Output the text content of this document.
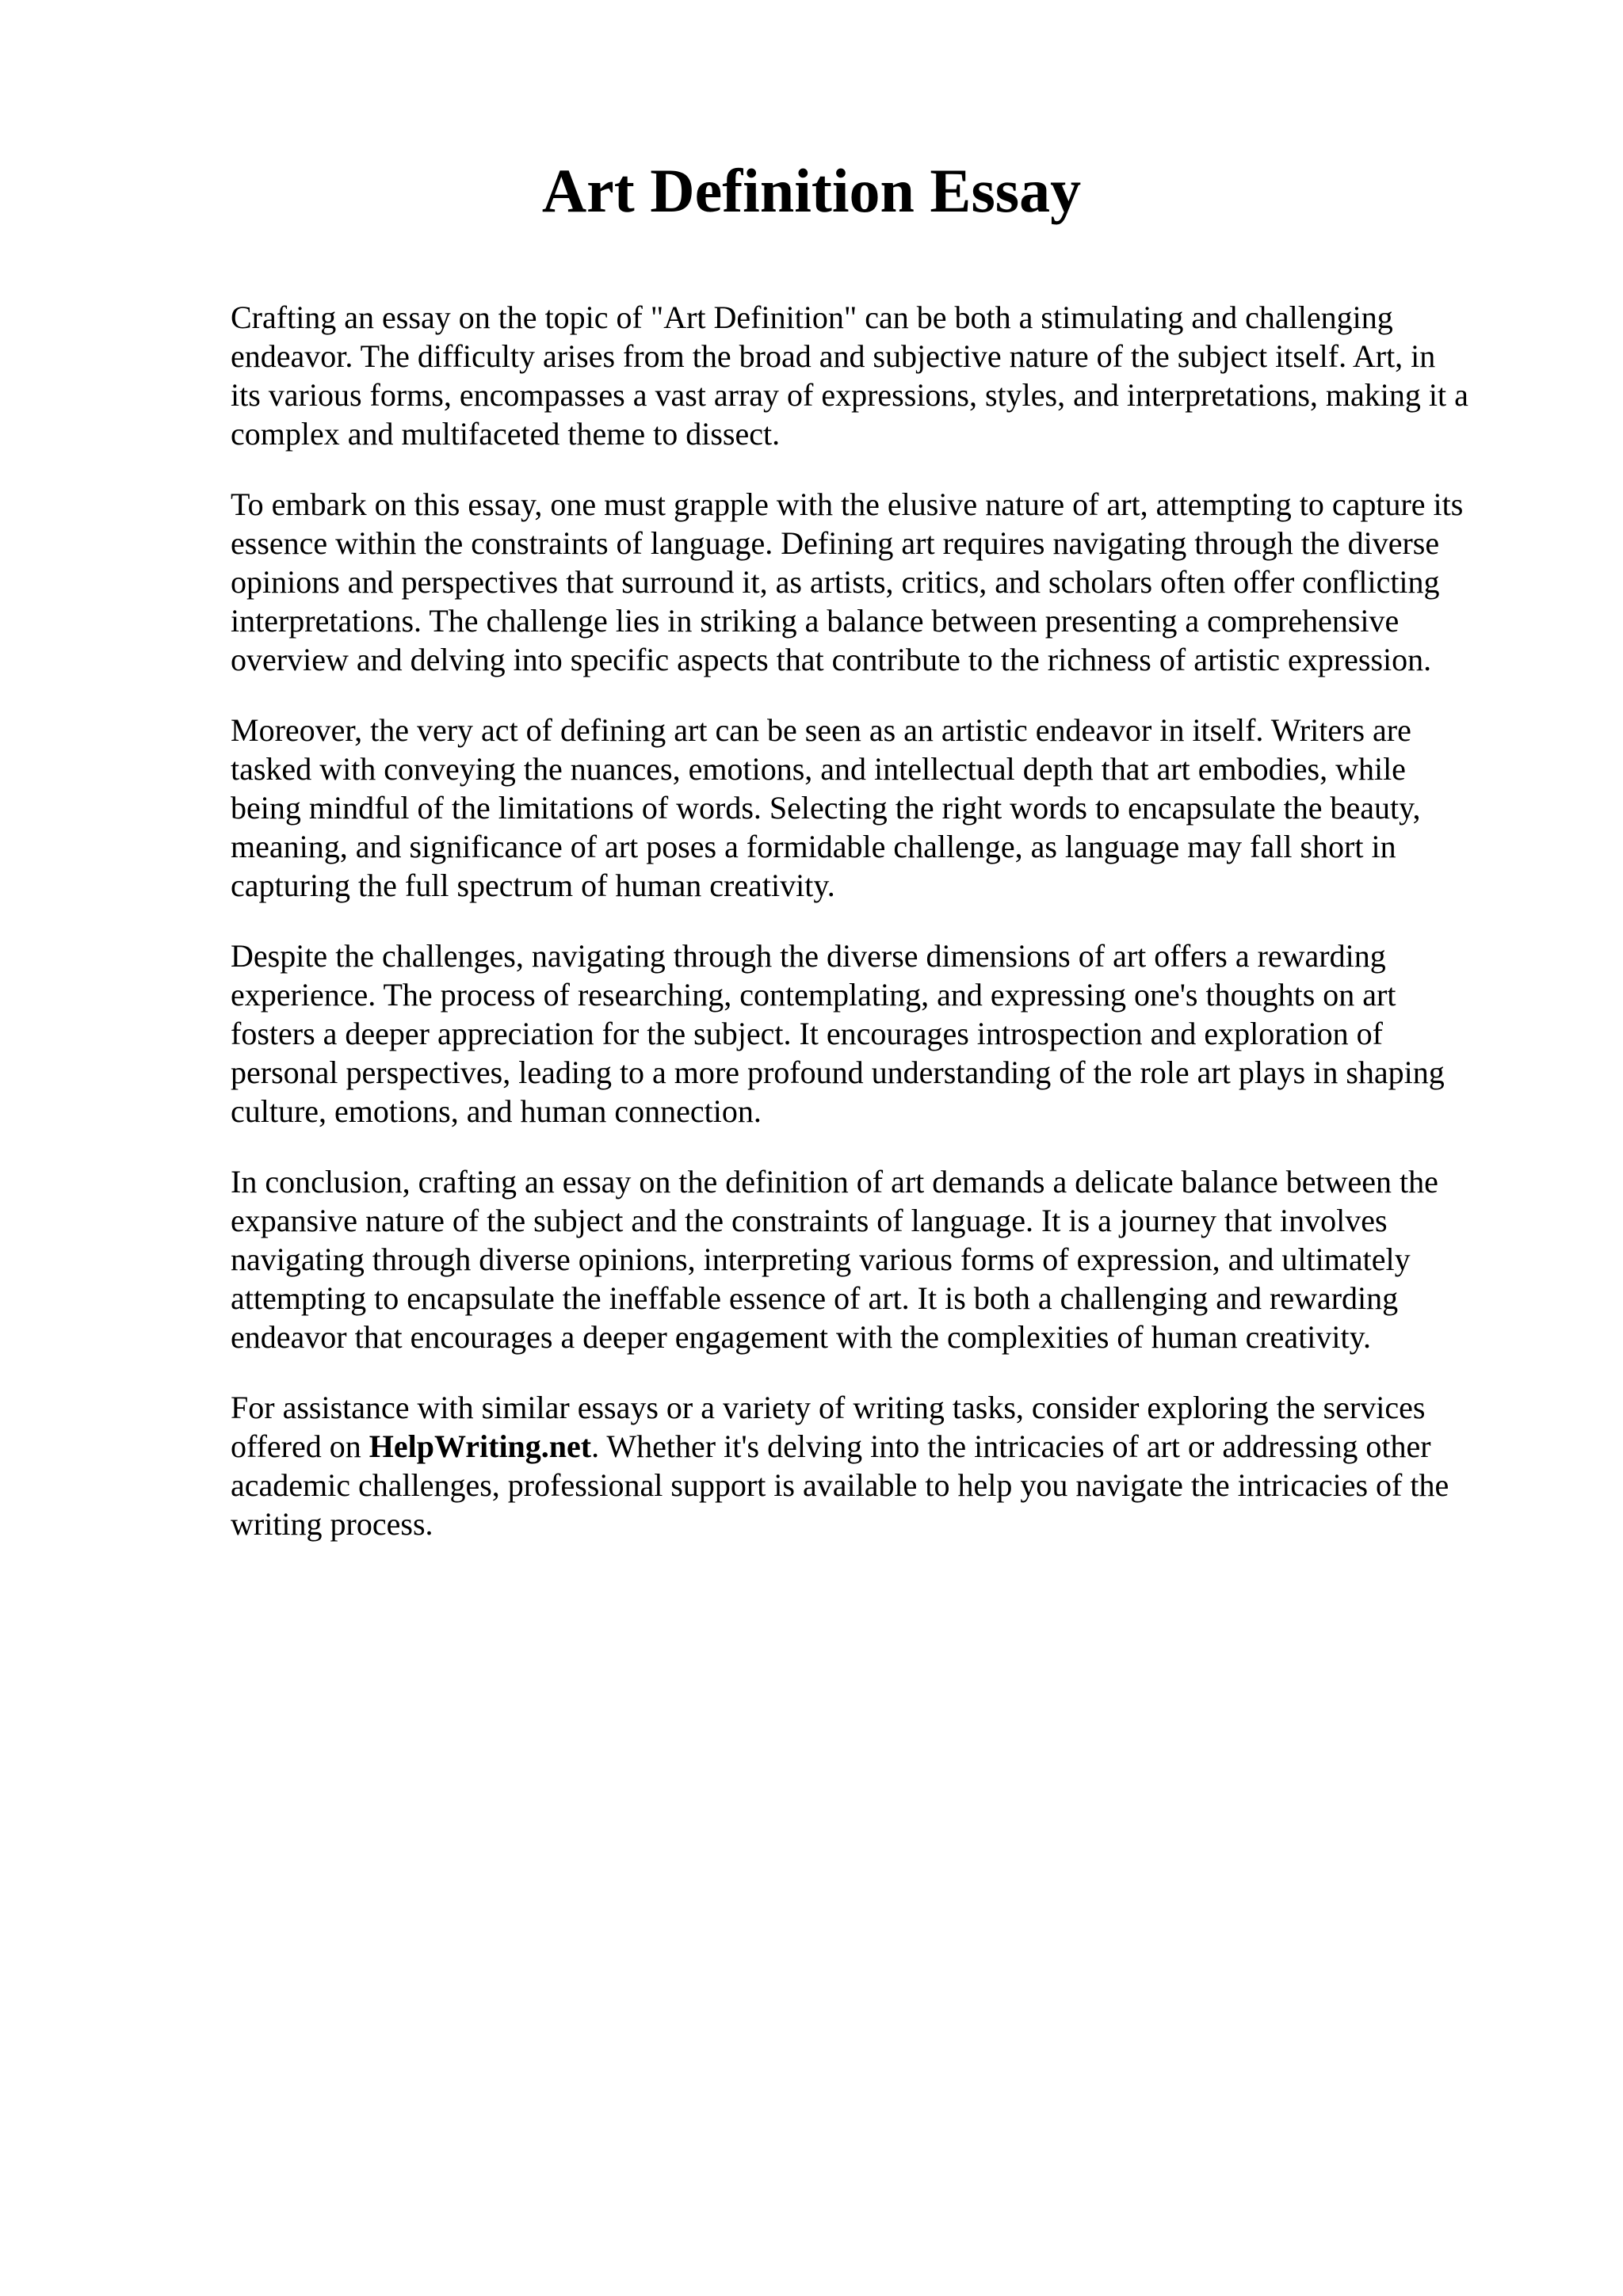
Art Definition Essay

Crafting an essay on the topic of "Art Definition" can be both a stimulating and challenging
endeavor. The difficulty arises from the broad and subjective nature of the subject itself. Art, in
its various forms, encompasses a vast array of expressions, styles, and interpretations, making it a
complex and multifaceted theme to dissect.

To embark on this essay, one must grapple with the elusive nature of art, attempting to capture its
essence within the constraints of language. Defining art requires navigating through the diverse
opinions and perspectives that surround it, as artists, critics, and scholars often offer conflicting
interpretations. The challenge lies in striking a balance between presenting a comprehensive
overview and delving into specific aspects that contribute to the richness of artistic expression.

Moreover, the very act of defining art can be seen as an artistic endeavor in itself. Writers are
tasked with conveying the nuances, emotions, and intellectual depth that art embodies, while
being mindful of the limitations of words. Selecting the right words to encapsulate the beauty,
meaning, and significance of art poses a formidable challenge, as language may fall short in
capturing the full spectrum of human creativity.

Despite the challenges, navigating through the diverse dimensions of art offers a rewarding
experience. The process of researching, contemplating, and expressing one's thoughts on art
fosters a deeper appreciation for the subject. It encourages introspection and exploration of
personal perspectives, leading to a more profound understanding of the role art plays in shaping
culture, emotions, and human connection.

In conclusion, crafting an essay on the definition of art demands a delicate balance between the
expansive nature of the subject and the constraints of language. It is a journey that involves
navigating through diverse opinions, interpreting various forms of expression, and ultimately
attempting to encapsulate the ineffable essence of art. It is both a challenging and rewarding
endeavor that encourages a deeper engagement with the complexities of human creativity.

For assistance with similar essays or a variety of writing tasks, consider exploring the services
offered on HelpWriting.net. Whether it's delving into the intricacies of art or addressing other
academic challenges, professional support is available to help you navigate the intricacies of the
writing process.
